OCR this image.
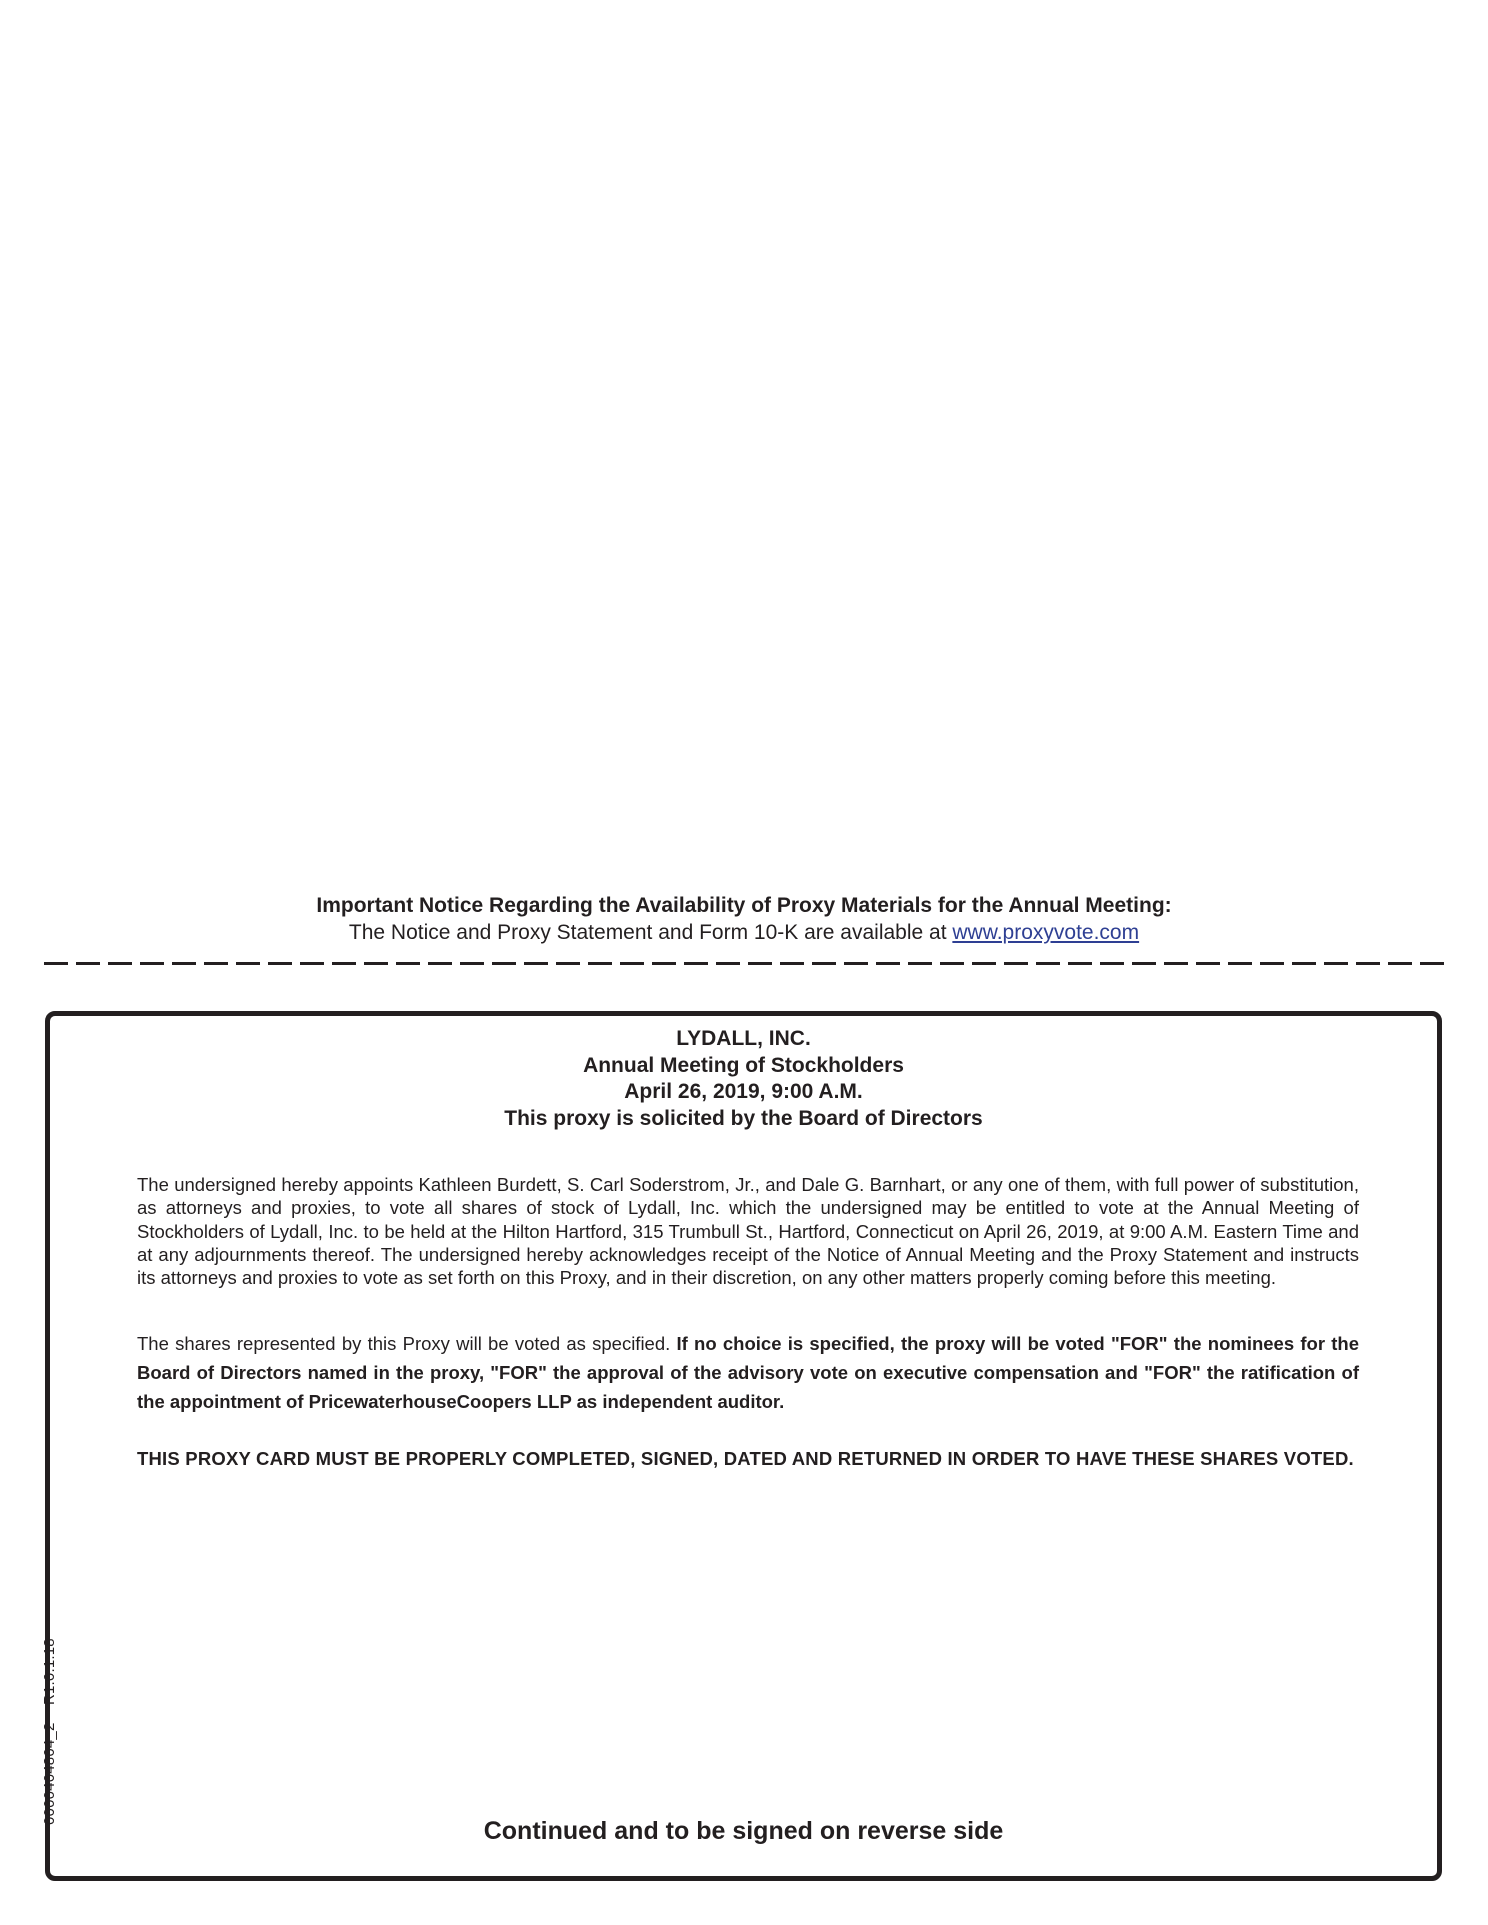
Important Notice Regarding the Availability of Proxy Materials for the Annual Meeting:
The Notice and Proxy Statement and Form 10-K are available at www.proxyvote.com
LYDALL, INC.
Annual Meeting of Stockholders
April 26, 2019, 9:00 A.M.
This proxy is solicited by the Board of Directors
The undersigned hereby appoints Kathleen Burdett, S. Carl Soderstrom, Jr., and Dale G. Barnhart, or any one of them, with full power of substitution, as attorneys and proxies, to vote all shares of stock of Lydall, Inc. which the undersigned may be entitled to vote at the Annual Meeting of Stockholders of Lydall, Inc. to be held at the Hilton Hartford, 315 Trumbull St., Hartford, Connecticut on April 26, 2019, at 9:00 A.M. Eastern Time and at any adjournments thereof. The undersigned hereby acknowledges receipt of the Notice of Annual Meeting and the Proxy Statement and instructs its attorneys and proxies to vote as set forth on this Proxy, and in their discretion, on any other matters properly coming before this meeting.
The shares represented by this Proxy will be voted as specified. If no choice is specified, the proxy will be voted "FOR" the nominees for the Board of Directors named in the proxy, "FOR" the approval of the advisory vote on executive compensation and "FOR" the ratification of the appointment of PricewaterhouseCoopers LLP as independent auditor.
THIS PROXY CARD MUST BE PROPERLY COMPLETED, SIGNED, DATED AND RETURNED IN ORDER TO HAVE THESE SHARES VOTED.
Continued and to be signed on reverse side
0000404804_2    R1.0.1.18
